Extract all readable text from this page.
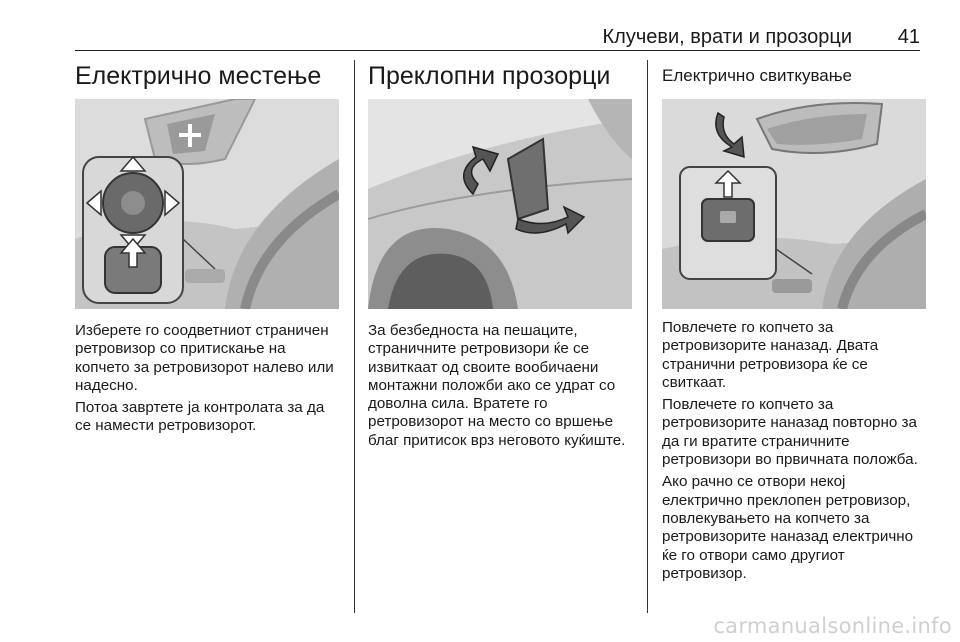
Клучеви, врати и прозорци 41
Електрично местење

Изберете го соодветниот страничен ретровизор со притискање на копчето за ретровизорот налево или надесно.

Потоа завртете ја контролата за да се намести ретровизорот.

Преклопни прозорци

За безбедноста на пешаците, страничните ретровизори ќе се извиткаат од своите вообичаени монтажни положби ако се удрат со доволна сила. Вратете го ретровизорот на место со вршење благ притисок врз неговото куќиште.

Електрично свиткување

Повлечете го копчето за ретровизорите наназад. Двата странични ретровизора ќе се свиткаат.

Повлечете го копчето за ретровизорите наназад повторно за да ги вратите страничните ретровизори во првичната положба.

Ако рачно се отвори некој електрично преклопен ретровизор, повлекувањето на копчето за ретровизорите наназад електрично ќе го отвори само другиот ретровизор.

carmanualsonline.info
